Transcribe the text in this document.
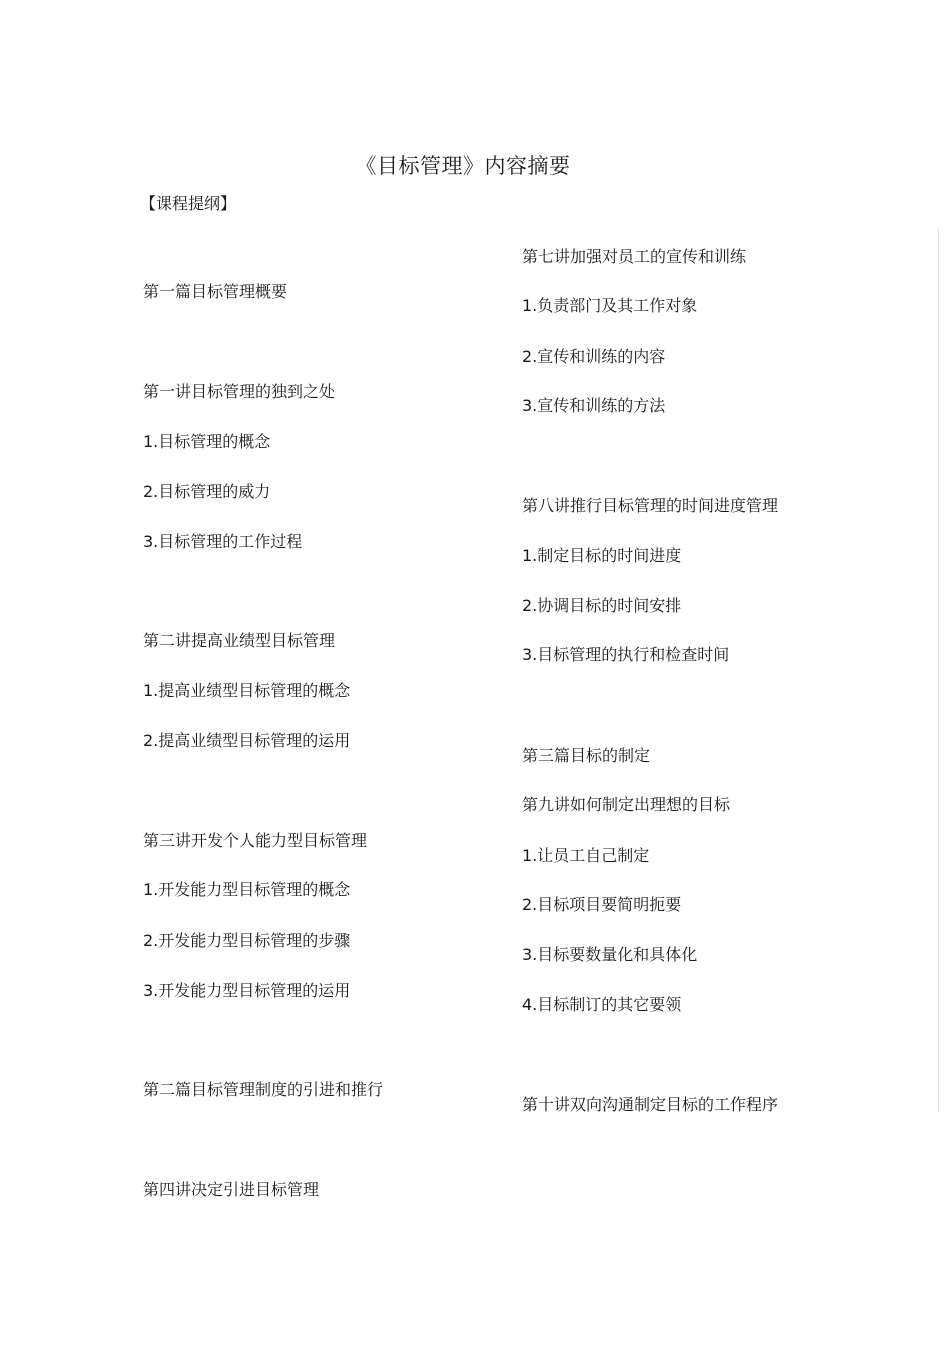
《目标管理》内容摘要
【课程提纲】
第一篇目标管理概要
第一讲目标管理的独到之处
1.目标管理的概念
2.目标管理的威力
3.目标管理的工作过程
第二讲提高业绩型目标管理
1.提高业绩型目标管理的概念
2.提高业绩型目标管理的运用
第三讲开发个人能力型目标管理
1.开发能力型目标管理的概念
2.开发能力型目标管理的步骤
3.开发能力型目标管理的运用
第二篇目标管理制度的引进和推行
第四讲决定引进目标管理
第七讲加强对员工的宣传和训练
1.负责部门及其工作对象
2.宣传和训练的内容
3.宣传和训练的方法
第八讲推行目标管理的时间进度管理
1.制定目标的时间进度
2.协调目标的时间安排
3.目标管理的执行和检查时间
第三篇目标的制定
第九讲如何制定出理想的目标
1.让员工自己制定
2.目标项目要简明扼要
3.目标要数量化和具体化
4.目标制订的其它要领
第十讲双向沟通制定目标的工作程序
